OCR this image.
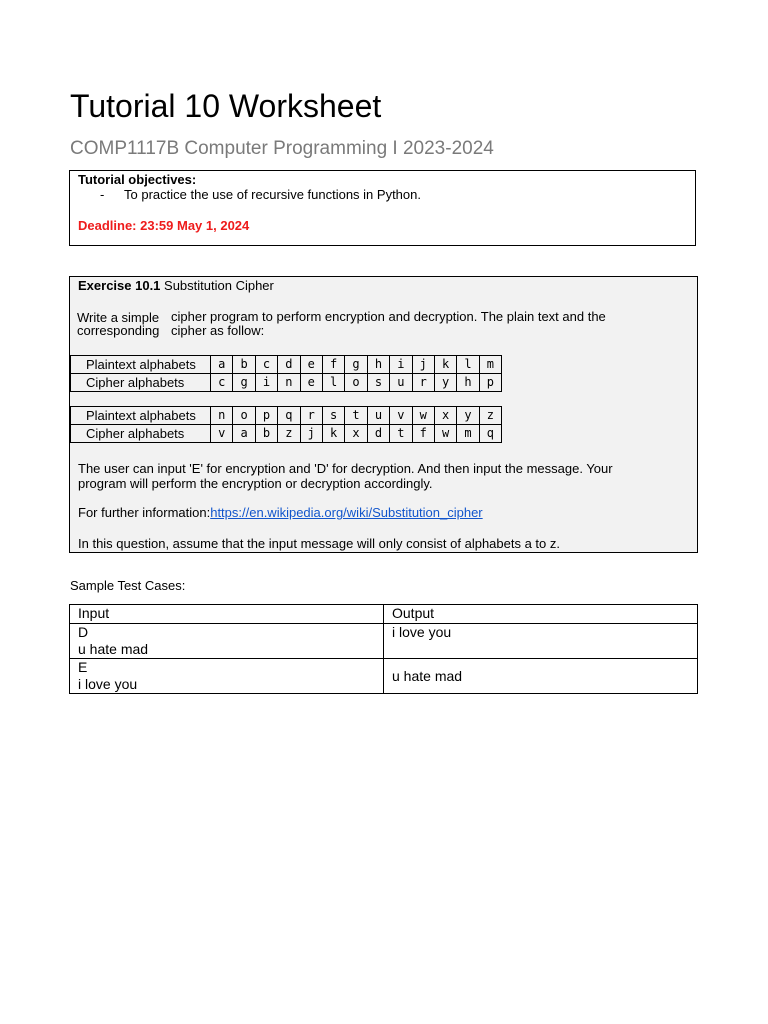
Tutorial 10 Worksheet
COMP1117B Computer Programming I 2023-2024
Tutorial objectives:
- To practice the use of recursive functions in Python.
Deadline: 23:59 May 1, 2024
Exercise 10.1 Substitution Cipher
Write a simple cipher program to perform encryption and decryption. The plain text and the
corresponding cipher as follow:
Plaintext alphabets	a	b	c	d	e	f	g	h	i	j	k	l	m
Cipher alphabets	c	g	i	n	e	l	o	s	u	r	y	h	p
Plaintext alphabets	n	o	p	q	r	s	t	u	v	w	x	y	z
Cipher alphabets	v	a	b	z	j	k	x	d	t	f	w	m	q
The user can input 'E' for encryption and 'D' for decryption. And then input the message. Your
program will perform the encryption or decryption accordingly.
For further information:https://en.wikipedia.org/wiki/Substitution_cipher
In this question, assume that the input message will only consist of alphabets a to z.
Sample Test Cases:
Input	Output

D
u hate mad	i love you

E
i love you	u hate mad
